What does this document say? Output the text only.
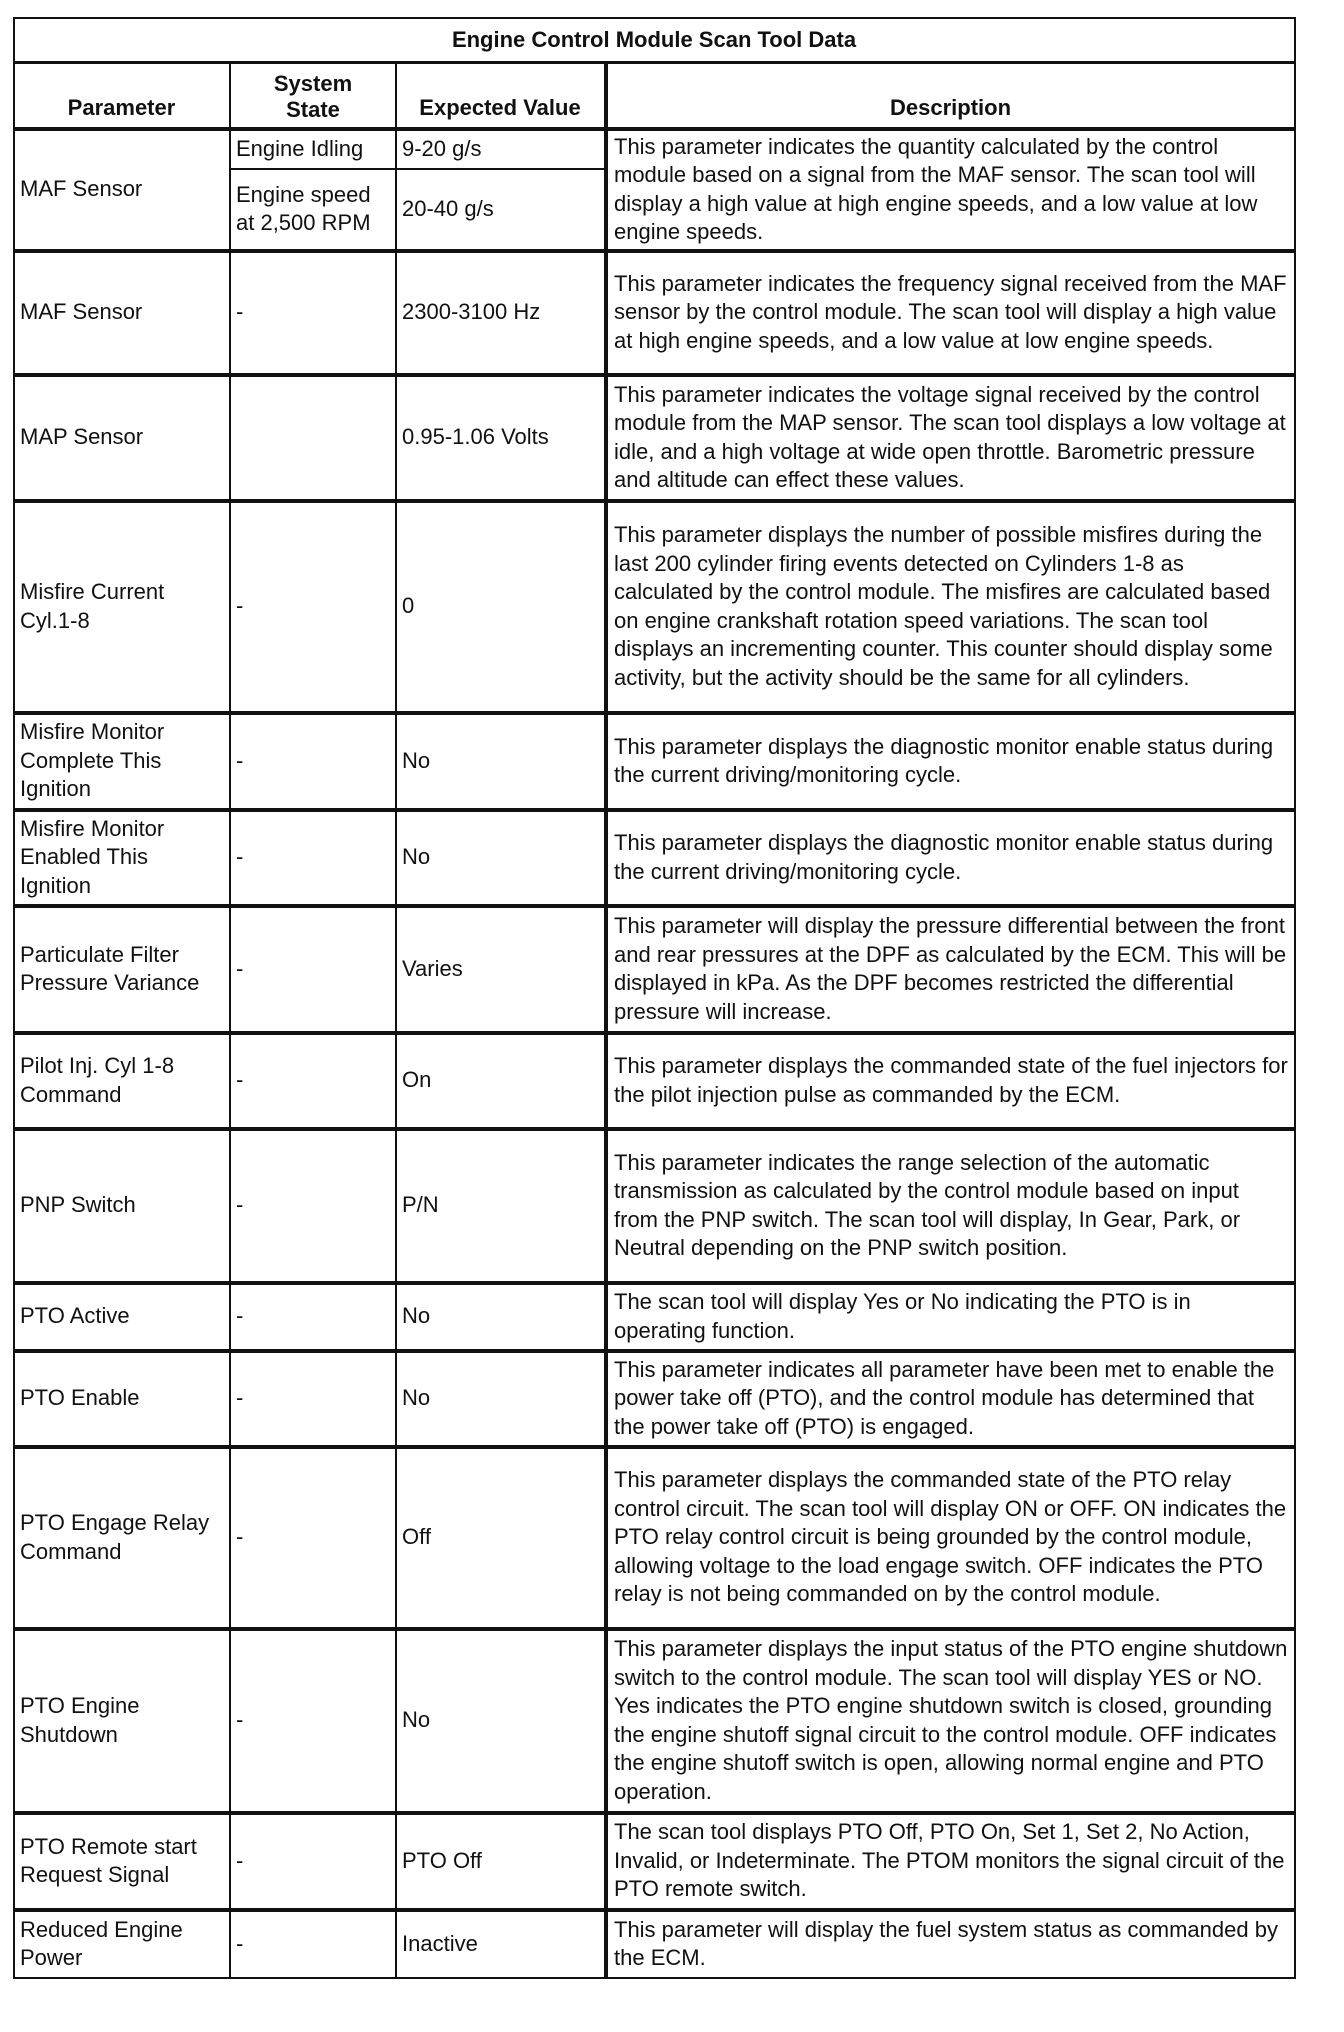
Engine Control Module Scan Tool Data			
Parameter	System State	Expected Value	Description
MAF Sensor	Engine Idling	9-20 g/s	This parameter indicates the quantity calculated by the control module based on a signal from the MAF sensor. The scan tool will display a high value at high engine speeds, and a low value at low engine speeds.
	Engine speed at 2,500 RPM	20-40 g/s	
MAF Sensor	-	2300-3100 Hz	This parameter indicates the frequency signal received from the MAF sensor by the control module. The scan tool will display a high value at high engine speeds, and a low value at low engine speeds.
MAP Sensor		0.95-1.06 Volts	This parameter indicates the voltage signal received by the control module from the MAP sensor. The scan tool displays a low voltage at idle, and a high voltage at wide open throttle. Barometric pressure and altitude can effect these values.
Misfire Current Cyl.1-8	-	0	This parameter displays the number of possible misfires during the last 200 cylinder firing events detected on Cylinders 1-8 as calculated by the control module. The misfires are calculated based on engine crankshaft rotation speed variations. The scan tool displays an incrementing counter. This counter should display some activity, but the activity should be the same for all cylinders.
Misfire Monitor Complete This Ignition	-	No	This parameter displays the diagnostic monitor enable status during the current driving/monitoring cycle.
Misfire Monitor Enabled This Ignition	-	No	This parameter displays the diagnostic monitor enable status during the current driving/monitoring cycle.
Particulate Filter Pressure Variance	-	Varies	This parameter will display the pressure differential between the front and rear pressures at the DPF as calculated by the ECM. This will be displayed in kPa. As the DPF becomes restricted the differential pressure will increase.
Pilot Inj. Cyl 1-8 Command	-	On	This parameter displays the commanded state of the fuel injectors for the pilot injection pulse as commanded by the ECM.
PNP Switch	-	P/N	This parameter indicates the range selection of the automatic transmission as calculated by the control module based on input from the PNP switch. The scan tool will display, In Gear, Park, or Neutral depending on the PNP switch position.
PTO Active	-	No	The scan tool will display Yes or No indicating the PTO is in operating function.
PTO Enable	-	No	This parameter indicates all parameter have been met to enable the power take off (PTO), and the control module has determined that the power take off (PTO) is engaged.
PTO Engage Relay Command	-	Off	This parameter displays the commanded state of the PTO relay control circuit. The scan tool will display ON or OFF. ON indicates the PTO relay control circuit is being grounded by the control module, allowing voltage to the load engage switch. OFF indicates the PTO relay is not being commanded on by the control module.
PTO Engine Shutdown	-	No	This parameter displays the input status of the PTO engine shutdown switch to the control module. The scan tool will display YES or NO. Yes indicates the PTO engine shutdown switch is closed, grounding the engine shutoff signal circuit to the control module. OFF indicates the engine shutoff switch is open, allowing normal engine and PTO operation.
PTO Remote start Request Signal	-	PTO Off	The scan tool displays PTO Off, PTO On, Set 1, Set 2, No Action, Invalid, or Indeterminate. The PTOM monitors the signal circuit of the PTO remote switch.
Reduced Engine Power	-	Inactive	This parameter will display the fuel system status as commanded by the ECM.
